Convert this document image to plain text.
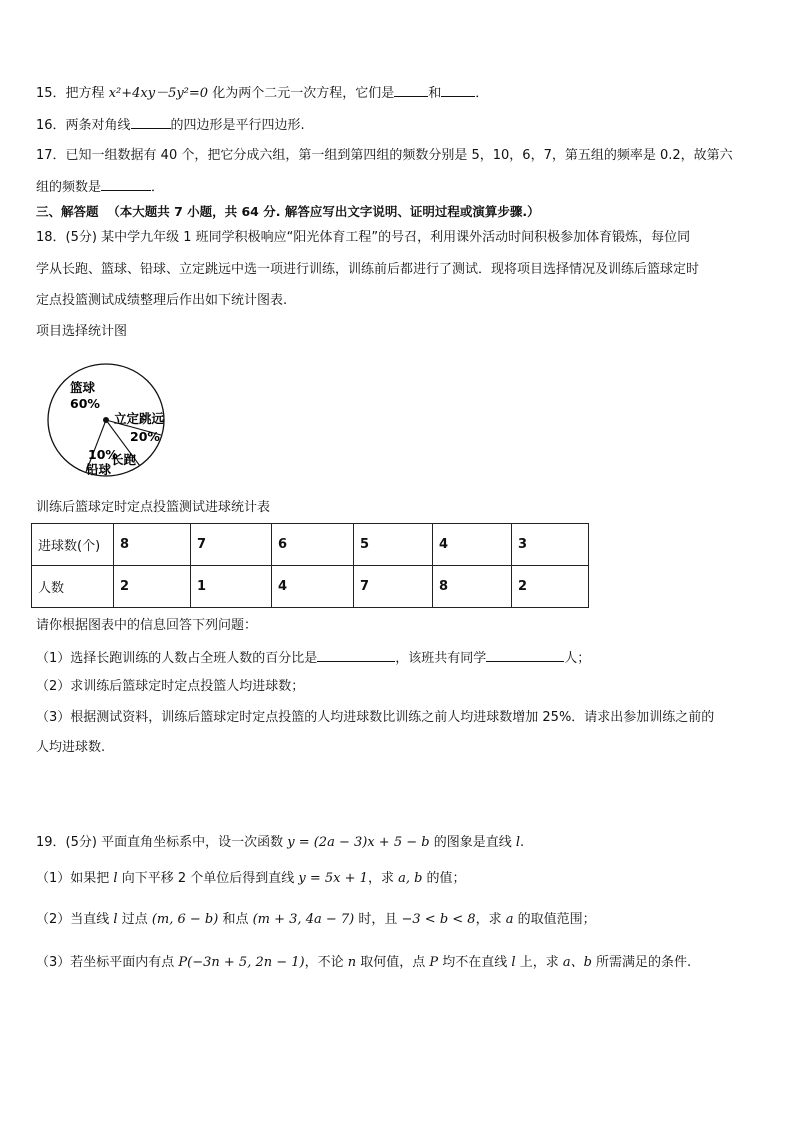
15．把方程 x²+4xy－5y²=0 化为两个二元一次方程，它们是	和	．
16．两条对角线	的四边形是平行四边形.
17．已知一组数据有 40 个，把它分成六组，第一组到第四组的频数分别是 5，10，6，7，第五组的频率是 0.2，故第六
组的频数是	．
三、解答题 （本大题共 7 小题，共 64 分. 解答应写出文字说明、证明过程或演算步骤.）
18．(5分) 某中学九年级 1 班同学积极响应“阳光体育工程”的号召，利用课外活动时间积极参加体育锻炼，每位同
学从长跑、篮球、铅球、立定跳远中选一项进行训练，训练前后都进行了测试．现将项目选择情况及训练后篮球定时
定点投篮测试成绩整理后作出如下统计图表.
项目选择统计图
篮球
60%
立定跳远
20%
10%
铅球
长跑
训练后篮球定时定点投篮测试进球统计表
进球数(个)	8	7	6	5	4	3
人数	2	1	4	7	8	2
请你根据图表中的信息回答下列问题：
（1）选择长跑训练的人数占全班人数的百分比是	，该班共有同学	人；
（2）求训练后篮球定时定点投篮人均进球数；
（3）根据测试资料，训练后篮球定时定点投篮的人均进球数比训练之前人均进球数增加 25%．请求出参加训练之前的
人均进球数.
19．(5分) 平面直角坐标系中，设一次函数 y = (2a − 3)x + 5 − b 的图象是直线 l.
（1）如果把 l 向下平移 2 个单位后得到直线 y = 5x + 1，求 a, b 的值；
（2）当直线 l 过点 (m, 6 − b) 和点 (m + 3, 4a − 7) 时，且 −3 < b < 8，求 a 的取值范围；
（3）若坐标平面内有点 P(−3n + 5, 2n − 1)，不论 n 取何值，点 P 均不在直线 l 上，求 a、b 所需满足的条件.
